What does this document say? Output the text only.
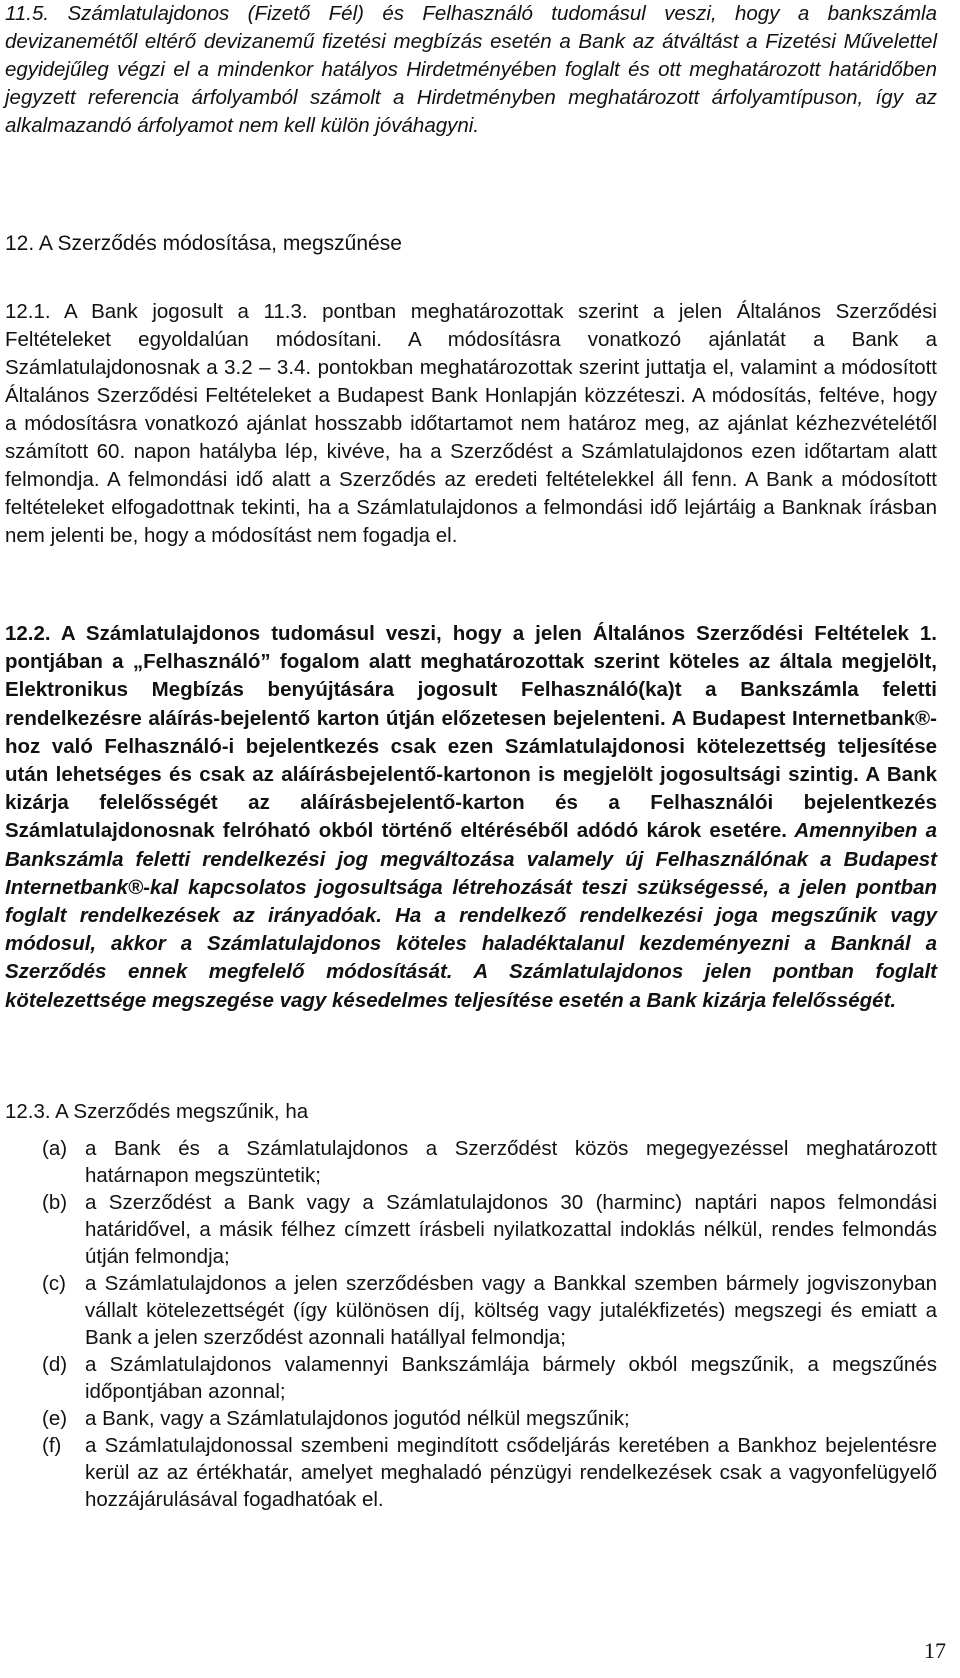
11.5. Számlatulajdonos (Fizető Fél) és Felhasználó tudomásul veszi, hogy a bankszámla devizanemétől eltérő devizanemű fizetési megbízás esetén a Bank az átváltást a Fizetési Művelettel egyidejűleg végzi el a mindenkor hatályos Hirdetményében foglalt és ott meghatározott határidőben jegyzett referencia árfolyamból számolt a Hirdetményben meghatározott árfolyamtípuson, így az alkalmazandó árfolyamot nem kell külön jóváhagyni.

12. A Szerződés módosítása, megszűnése

12.1. A Bank jogosult a 11.3. pontban meghatározottak szerint a jelen Általános Szerződési Feltételeket egyoldalúan módosítani. A módosításra vonatkozó ajánlatát a Bank a Számlatulajdonosnak a 3.2 – 3.4. pontokban meghatározottak szerint juttatja el, valamint a módosított Általános Szerződési Feltételeket a Budapest Bank Honlapján közzéteszi. A módosítás, feltéve, hogy a módosításra vonatkozó ajánlat hosszabb időtartamot nem határoz meg, az ajánlat kézhezvételétől számított 60. napon hatályba lép, kivéve, ha a Szerződést a Számlatulajdonos ezen időtartam alatt felmondja. A felmondási idő alatt a Szerződés az eredeti feltételekkel áll fenn. A Bank a módosított feltételeket elfogadottnak tekinti, ha a Számlatulajdonos a felmondási idő lejártáig a Banknak írásban nem jelenti be, hogy a módosítást nem fogadja el.

12.2. A Számlatulajdonos tudomásul veszi, hogy a jelen Általános Szerződési Feltételek 1. pontjában a „Felhasználó” fogalom alatt meghatározottak szerint köteles az általa megjelölt, Elektronikus Megbízás benyújtására jogosult Felhasználó(ka)t a Bankszámla feletti rendelkezésre aláírás-bejelentő karton útján előzetesen bejelenteni. A Budapest Internetbank®-hoz való Felhasználó-i bejelentkezés csak ezen Számlatulajdonosi kötelezettség teljesítése után lehetséges és csak az aláírásbejelentő-kartonon is megjelölt jogosultsági szintig. A Bank kizárja felelősségét az aláírásbejelentő-karton és a Felhasználói bejelentkezés Számlatulajdonosnak felróható okból történő eltéréséből adódó károk esetére. Amennyiben a Bankszámla feletti rendelkezési jog megváltozása valamely új Felhasználónak a Budapest Internetbank®-kal kapcsolatos jogosultsága létrehozását teszi szükségessé, a jelen pontban foglalt rendelkezések az irányadóak. Ha a rendelkező rendelkezési joga megszűnik vagy módosul, akkor a Számlatulajdonos köteles haladéktalanul kezdeményezni a Banknál a Szerződés ennek megfelelő módosítását. A Számlatulajdonos jelen pontban foglalt kötelezettsége megszegése vagy késedelmes teljesítése esetén a Bank kizárja felelősségét.

12.3. A Szerződés megszűnik, ha

(a) a Bank és a Számlatulajdonos a Szerződést közös megegyezéssel meghatározott határnapon megszüntetik;
(b) a Szerződést a Bank vagy a Számlatulajdonos 30 (harminc) naptári napos felmondási határidővel, a másik félhez címzett írásbeli nyilatkozattal indoklás nélkül, rendes felmondás útján felmondja;
(c) a Számlatulajdonos a jelen szerződésben vagy a Bankkal szemben bármely jogviszonyban vállalt kötelezettségét (így különösen díj, költség vagy jutalékfizetés) megszegi és emiatt a Bank a jelen szerződést azonnali hatállyal felmondja;
(d) a Számlatulajdonos valamennyi Bankszámlája bármely okból megszűnik, a megszűnés időpontjában azonnal;
(e) a Bank, vagy a Számlatulajdonos jogutód nélkül megszűnik;
(f)	a Számlatulajdonossal szembeni megindított csődeljárás keretében a Bankhoz bejelentésre kerül az az értékhatár, amelyet meghaladó pénzügyi rendelkezések csak a vagyonfelügyelő hozzájárulásával fogadhatóak el.
17
